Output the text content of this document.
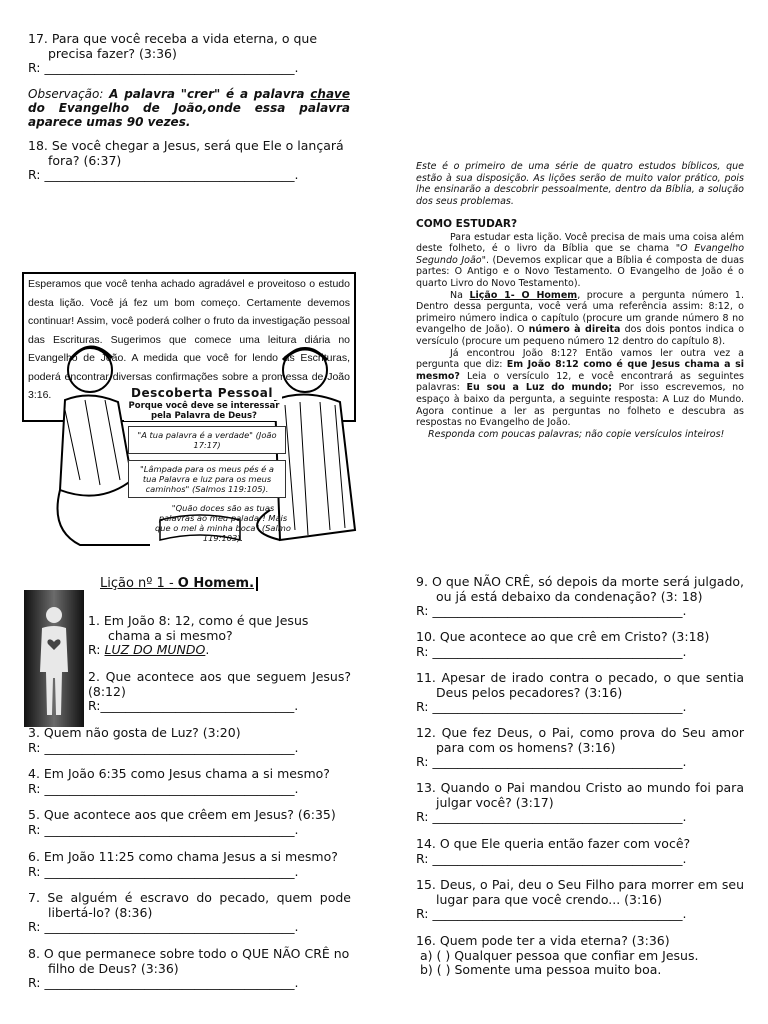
17. Para que você receba a vida eterna, o que precisa fazer? (3:36)
R: ________________________________________.
Observação: A palavra "crer" é a palavra chave do Evangelho de João,onde essa palavra aparece umas 90 vezes.
18. Se você chegar a Jesus, será que Ele o lançará fora? (6:37)
R: ________________________________________.
Este é o primeiro de uma série de quatro estudos bíblicos, que estão à sua disposição. As lições serão de muito valor prático, pois lhe ensinarão a descobrir pessoalmente, dentro da Bíblia, a solução dos seus problemas.

COMO ESTUDAR?

Para estudar esta lição. Você precisa de mais uma coisa além deste folheto, é o livro da Bíblia que se chama "O Evangelho Segundo João". (Devemos explicar que a Bíblia é composta de duas partes: O Antigo e o Novo Testamento. O Evangelho de João é o quarto Livro do Novo Testamento).

Na Lição 1- O Homem, procure a pergunta número 1. Dentro dessa pergunta, você verá uma referência assim: 8:12, o primeiro número indica o capítulo (procure um grande número 8 no evangelho de João). O número à direita dos dois pontos indica o versículo (procure um pequeno número 12 dentro do capítulo 8).

Já encontrou João 8:12? Então vamos ler outra vez a pergunta que diz: Em João 8:12 como é que Jesus chama a si mesmo? Leia o versículo 12, e você encontrará as seguintes palavras: Eu sou a Luz do mundo; Por isso escrevemos, no espaço à baixo da pergunta, a seguinte resposta: A Luz do Mundo. Agora continue a ler as perguntas no folheto e descubra as respostas no Evangelho de João.

Responda com poucas palavras; não copie versículos inteiros!

Esperamos que você tenha achado agradável e proveitoso o estudo desta lição. Você já fez um bom começo. Certamente devemos continuar! Assim, você poderá colher o fruto da investigação pessoal das Escrituras. Sugerimos que comece uma leitura diária no Evangelho de João. A medida que você for lendo as Escrituras, poderá encontrar diversas confirmações sobre a promessa de João 3:16.	Descoberta Pessoal
Porque você deve se interessar pela Palavra de Deus?
"A tua palavra é a verdade" (João 17:17)
"Lâmpada para os meus pés é a tua Palavra e luz para os meus caminhos" (Salmos 119:105).
"Quão doces são as tuas palavras ao meu paladar! Mais que o mel à minha boca" (Salmo 119:103).
Lição nº 1 - O Homem.
1. Em João 8: 12, como é que Jesus chama a si mesmo?
R: LUZ DO MUNDO.
2. Que acontece aos que seguem Jesus? (8:12)
R:_______________________________.
3. Quem não gosta de Luz? (3:20)
R: ________________________________________.
4. Em João 6:35 como Jesus chama a si mesmo?
R: ________________________________________.
5. Que acontece aos que crêem em Jesus? (6:35)
R: ________________________________________.
6. Em João 11:25 como chama Jesus a si mesmo?
R: ________________________________________.
7. Se alguém é escravo do pecado, quem pode libertá-lo? (8:36)
R: ________________________________________.
8. O que permanece sobre todo o QUE NÃO CRÊ no filho de Deus? (3:36)
R: ________________________________________.
9. O que NÃO CRÊ, só depois da morte será julgado, ou já está debaixo da condenação? (3: 18)
R: ________________________________________.
10. Que acontece ao que crê em Cristo? (3:18)
R: ________________________________________.
11. Apesar de irado contra o pecado, o que sentia Deus pelos pecadores? (3:16)
R: ________________________________________.
12. Que fez Deus, o Pai, como prova do Seu amor para com os homens? (3:16)
R: ________________________________________.
13. Quando o Pai mandou Cristo ao mundo foi para julgar você? (3:17)
R: ________________________________________.
14. O que Ele queria então fazer com você?
R: ________________________________________.
15. Deus, o Pai, deu o Seu Filho para morrer em seu lugar para que você crendo... (3:16)
R: ________________________________________.
16. Quem pode ter a vida eterna? (3:36)
a) ( ) Qualquer pessoa que confiar em Jesus.
b) ( ) Somente uma pessoa muito boa.
